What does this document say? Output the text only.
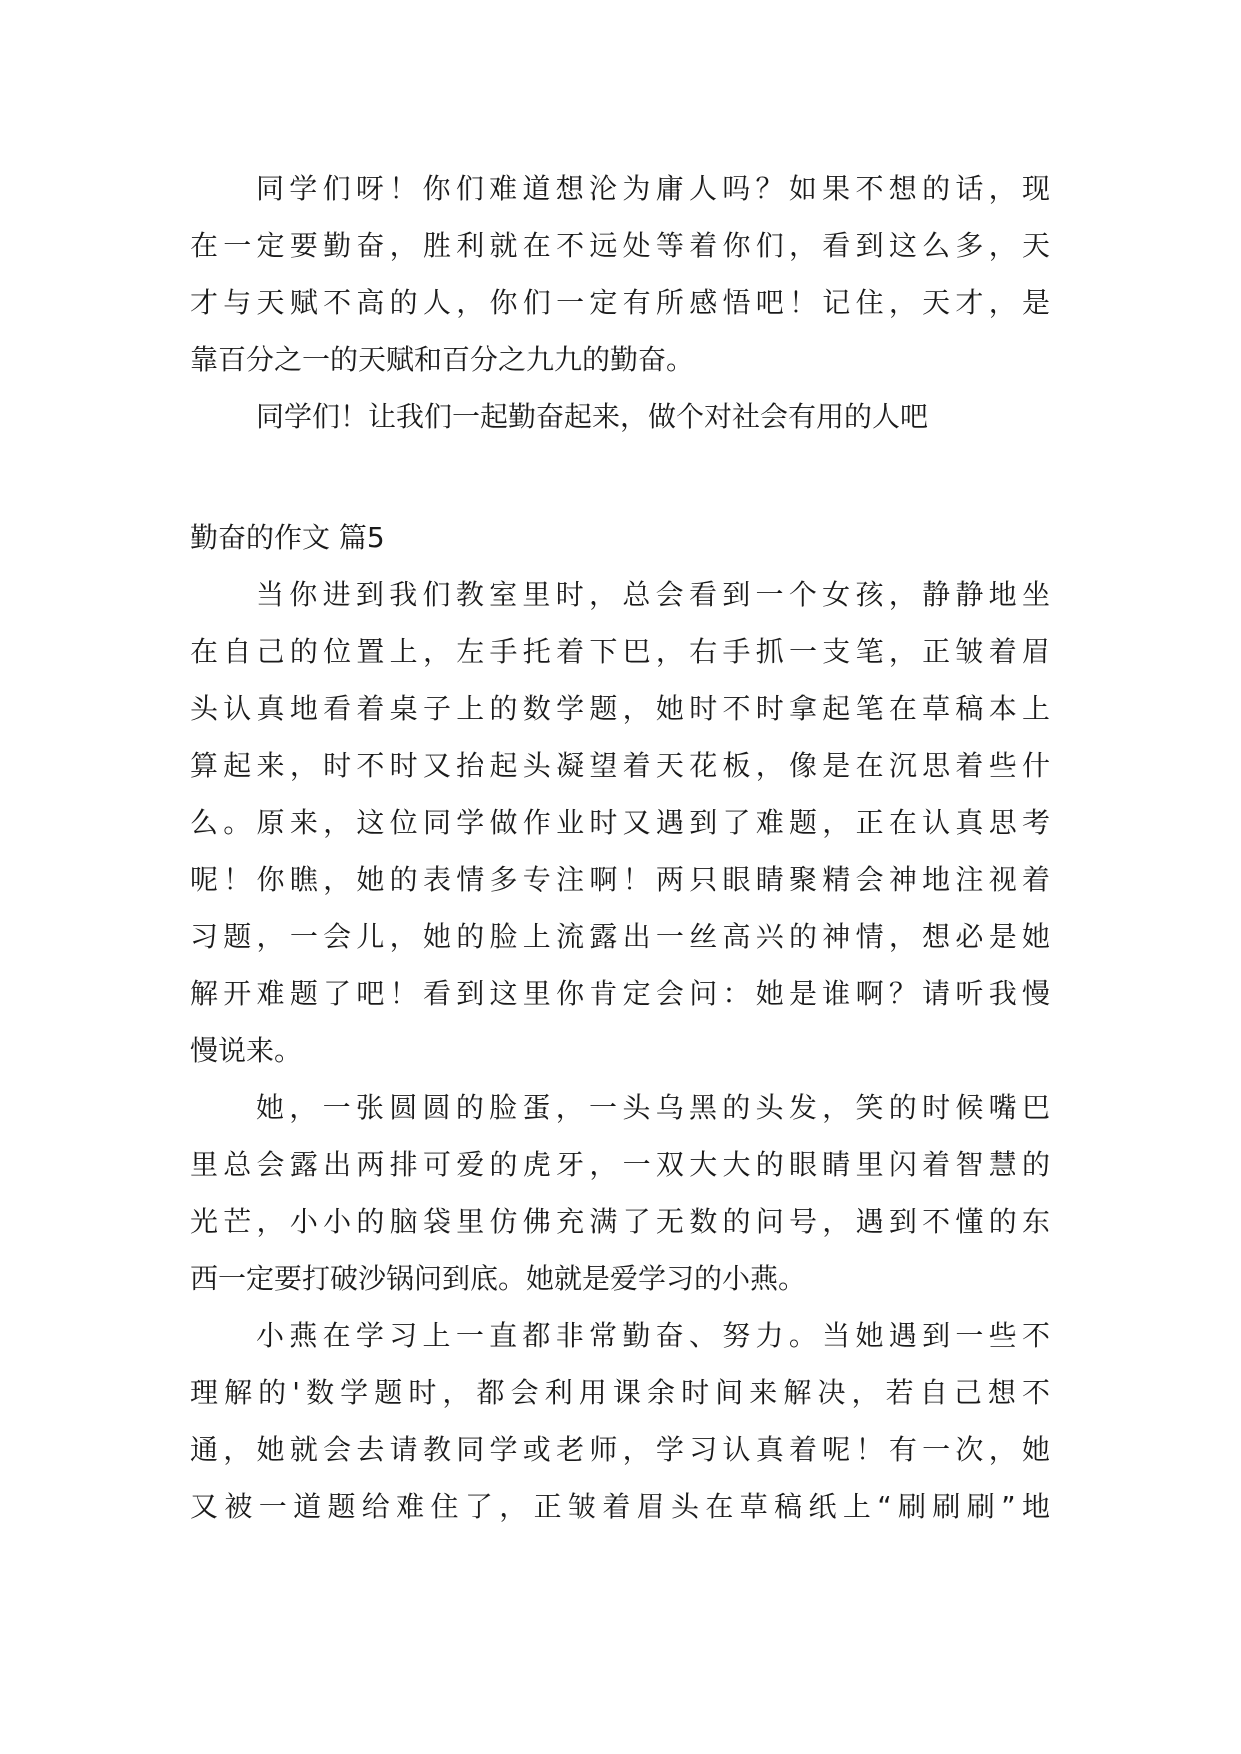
同学们呀！你们难道想沦为庸人吗？如果不想的话，现
在一定要勤奋，胜利就在不远处等着你们，看到这么多，天
才与天赋不高的人，你们一定有所感悟吧！记住，天才，是
靠百分之一的天赋和百分之九九的勤奋。
同学们！让我们一起勤奋起来，做个对社会有用的人吧
勤奋的作文 篇5
当你进到我们教室里时，总会看到一个女孩，静静地坐
在自己的位置上，左手托着下巴，右手抓一支笔，正皱着眉
头认真地看着桌子上的数学题，她时不时拿起笔在草稿本上
算起来，时不时又抬起头凝望着天花板，像是在沉思着些什
么。原来，这位同学做作业时又遇到了难题，正在认真思考
呢！你瞧，她的表情多专注啊！两只眼睛聚精会神地注视着
习题，一会儿，她的脸上流露出一丝高兴的神情，想必是她
解开难题了吧！看到这里你肯定会问：她是谁啊？请听我慢
慢说来。
她，一张圆圆的脸蛋，一头乌黑的头发，笑的时候嘴巴
里总会露出两排可爱的虎牙，一双大大的眼睛里闪着智慧的
光芒，小小的脑袋里仿佛充满了无数的问号，遇到不懂的东
西一定要打破沙锅问到底。她就是爱学习的小燕。
小燕在学习上一直都非常勤奋、努力。当她遇到一些不
理解的'数学题时，都会利用课余时间来解决，若自己想不
通，她就会去请教同学或老师，学习认真着呢！有一次，她
又被一道题给难住了，正皱着眉头在草稿纸上“刷刷刷”地
